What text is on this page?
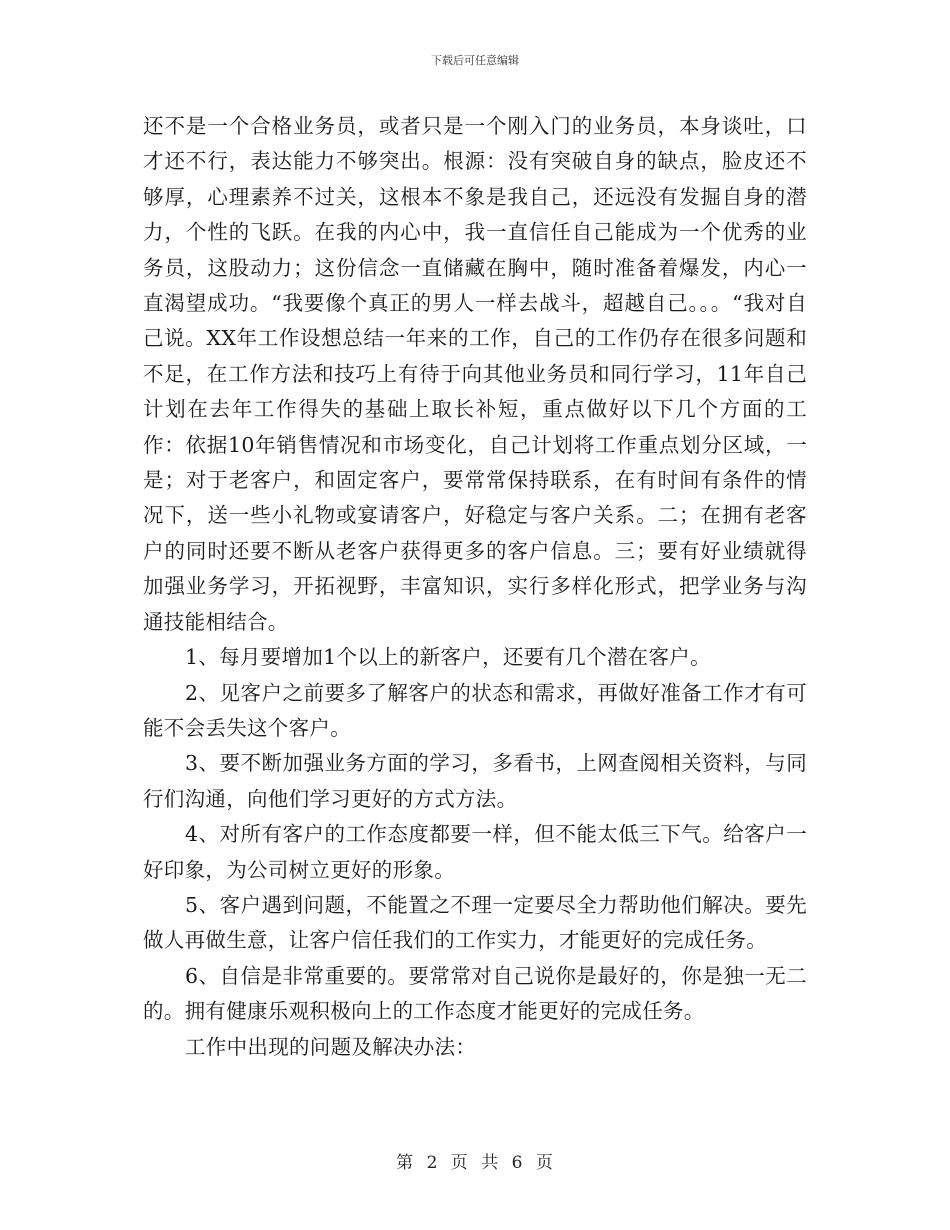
下载后可任意编辑

还不是一个合格业务员，或者只是一个刚入门的业务员，本身谈吐，口才还不行，表达能力不够突出。根源：没有突破自身的缺点，脸皮还不够厚，心理素养不过关，这根本不象是我自己，还远没有发掘自身的潜力，个性的飞跃。在我的内心中，我一直信任自己能成为一个优秀的业务员，这股动力；这份信念一直储藏在胸中，随时准备着爆发，内心一直渴望成功。“我要像个真正的男人一样去战斗，超越自己。。。“我对自己说。XX年工作设想总结一年来的工作，自己的工作仍存在很多问题和不足，在工作方法和技巧上有待于向其他业务员和同行学习，11年自己计划在去年工作得失的基础上取长补短，重点做好以下几个方面的工作：依据10年销售情况和市场变化，自己计划将工作重点划分区域，一是；对于老客户，和固定客户，要常常保持联系，在有时间有条件的情况下，送一些小礼物或宴请客户，好稳定与客户关系。二；在拥有老客户的同时还要不断从老客户获得更多的客户信息。三；要有好业绩就得加强业务学习，开拓视野，丰富知识，实行多样化形式，把学业务与沟通技能相结合。

1、每月要增加1个以上的新客户，还要有几个潜在客户。

2、见客户之前要多了解客户的状态和需求，再做好准备工作才有可能不会丢失这个客户。

3、要不断加强业务方面的学习，多看书，上网查阅相关资料，与同行们沟通，向他们学习更好的方式方法。

4、对所有客户的工作态度都要一样，但不能太低三下气。给客户一好印象，为公司树立更好的形象。

5、客户遇到问题，不能置之不理一定要尽全力帮助他们解决。要先做人再做生意，让客户信任我们的工作实力，才能更好的完成任务。

6、自信是非常重要的。要常常对自己说你是最好的，你是独一无二的。拥有健康乐观积极向上的工作态度才能更好的完成任务。

工作中出现的问题及解决办法：

第 2 页 共 6 页
